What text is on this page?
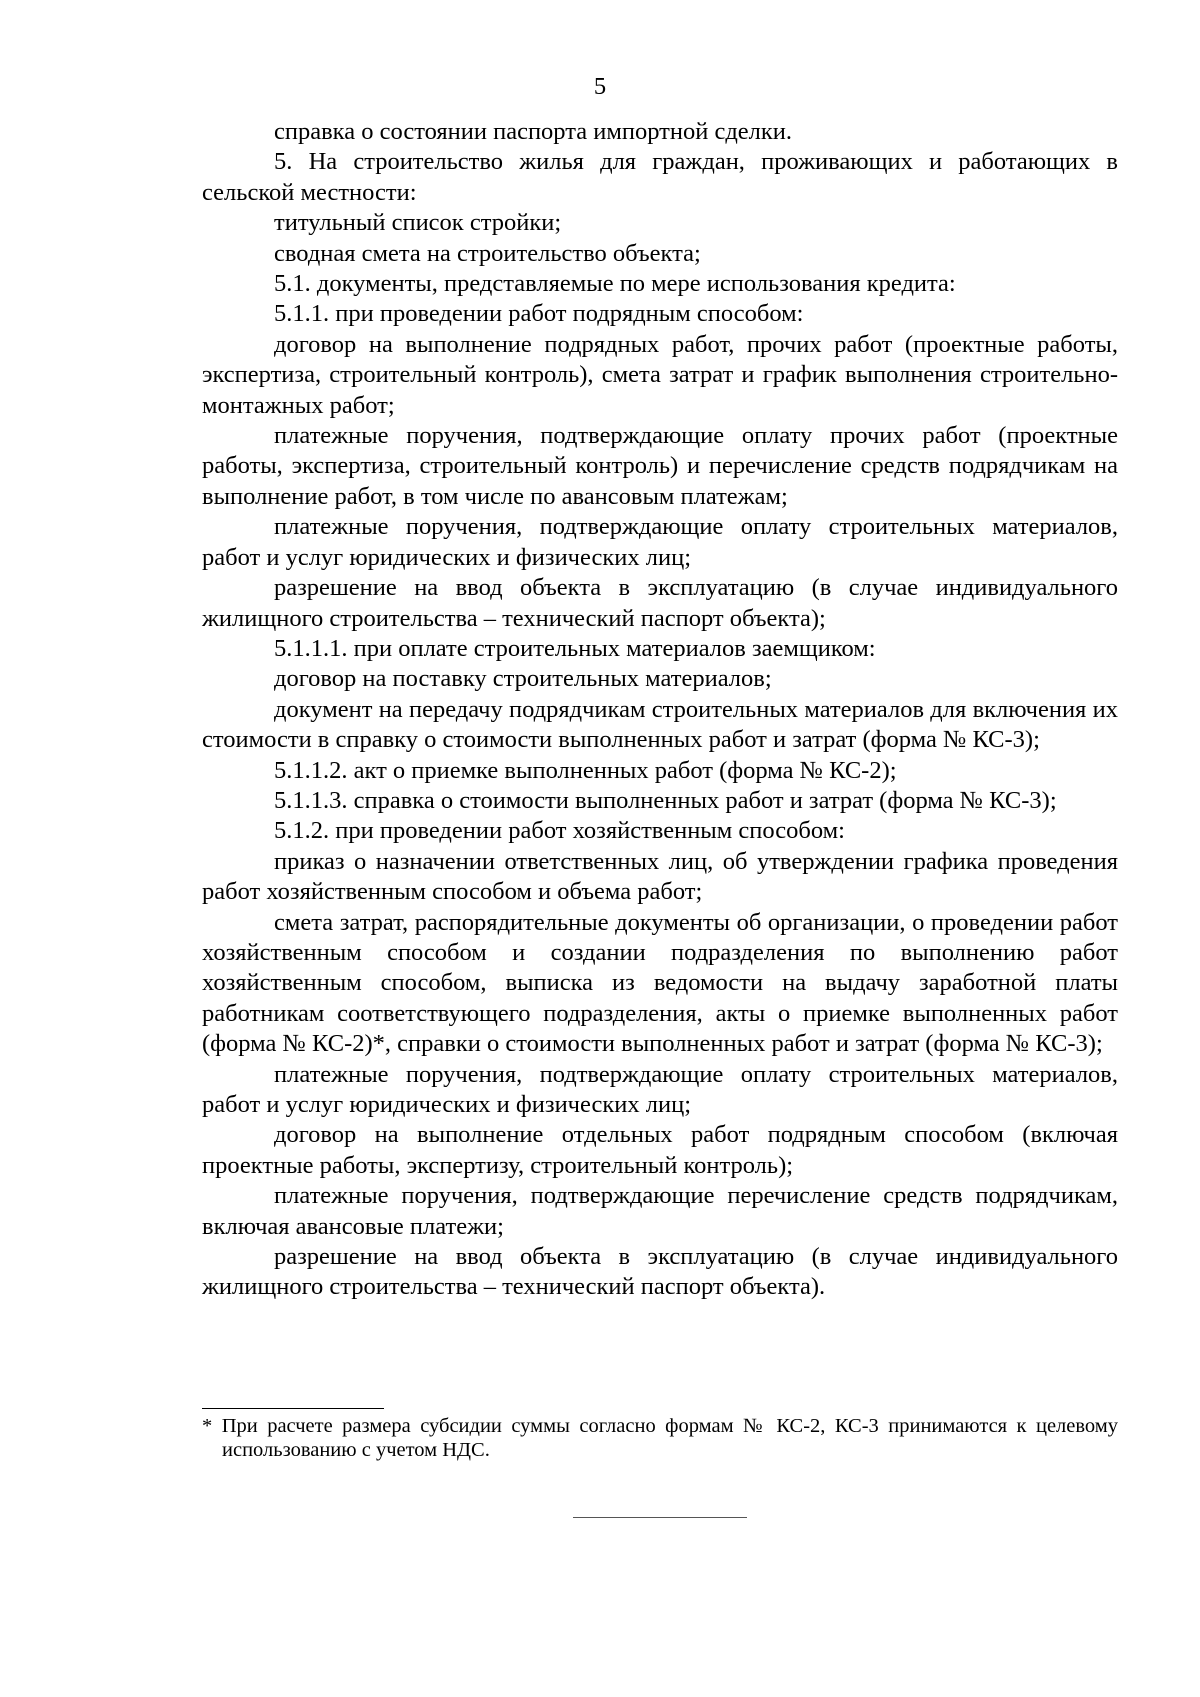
5

справка о состоянии паспорта импортной сделки.

5. На строительство жилья для граждан, проживающих и работающих в сельской местности:

титульный список стройки;

сводная смета на строительство объекта;

5.1. документы, представляемые по мере использования кредита:

5.1.1. при проведении работ подрядным способом:

договор на выполнение подрядных работ, прочих работ (проектные работы, экспертиза, строительный контроль), смета затрат и график выполнения строительно-монтажных работ;

платежные поручения, подтверждающие оплату прочих работ (проектные работы, экспертиза, строительный контроль) и перечисление средств подрядчикам на выполнение работ, в том числе по авансовым платежам;

платежные поручения, подтверждающие оплату строительных материалов, работ и услуг юридических и физических лиц;

разрешение на ввод объекта в эксплуатацию (в случае индивидуального жилищного строительства – технический паспорт объекта);

5.1.1.1. при оплате строительных материалов заемщиком:

договор на поставку строительных материалов;

документ на передачу подрядчикам строительных материалов для включения их стоимости в справку о стоимости выполненных работ и затрат (форма № КС-3);

5.1.1.2. акт о приемке выполненных работ (форма № КС-2);

5.1.1.3. справка о стоимости выполненных работ и затрат (форма № КС-3);

5.1.2. при проведении работ хозяйственным способом:

приказ о назначении ответственных лиц, об утверждении графика проведения работ хозяйственным способом и объема работ;

смета затрат, распорядительные документы об организации, о проведении работ хозяйственным способом и создании подразделения по выполнению работ хозяйственным способом, выписка из ведомости на выдачу заработной платы работникам соответствующего подразделения, акты о приемке выполненных работ (форма № КС-2)*, справки о стоимости выполненных работ и затрат (форма № КС-3);

платежные поручения, подтверждающие оплату строительных материалов, работ и услуг юридических и физических лиц;

договор на выполнение отдельных работ подрядным способом (включая проектные работы, экспертизу, строительный контроль);

платежные поручения, подтверждающие перечисление средств подрядчикам, включая авансовые платежи;

разрешение на ввод объекта в эксплуатацию (в случае индивидуального жилищного строительства – технический паспорт объекта).

* При расчете размера субсидии суммы согласно формам № КС-2, КС-3 принимаются к целевому использованию с учетом НДС.
